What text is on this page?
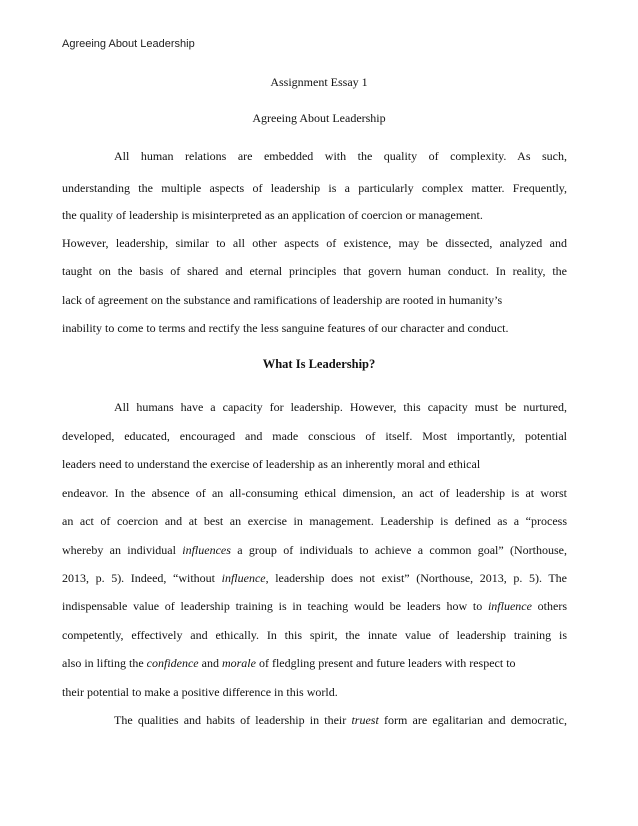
Agreeing About Leadership
Assignment Essay 1
Agreeing About Leadership
All human relations are embedded with the quality of complexity. As such,
understanding the multiple aspects of leadership is a particularly complex matter. Frequently,
the quality of leadership is misinterpreted as an application of coercion or management.
However, leadership, similar to all other aspects of existence, may be dissected, analyzed and
taught on the basis of shared and eternal principles that govern human conduct. In reality, the
lack of agreement on the substance and ramifications of leadership are rooted in humanity’s
inability to come to terms and rectify the less sanguine features of our character and conduct.
What Is Leadership?
All humans have a capacity for leadership. However, this capacity must be nurtured,
developed, educated, encouraged and made conscious of itself. Most importantly, potential
leaders need to understand the exercise of leadership as an inherently moral and ethical
endeavor. In the absence of an all-consuming ethical dimension, an act of leadership is at worst
an act of coercion and at best an exercise in management. Leadership is defined as a “process
whereby an individual influences a group of individuals to achieve a common goal” (Northouse,
2013, p. 5). Indeed, “without influence, leadership does not exist” (Northouse, 2013, p. 5). The
indispensable value of leadership training is in teaching would be leaders how to influence others
competently, effectively and ethically. In this spirit, the innate value of leadership training is
also in lifting the confidence and morale of fledgling present and future leaders with respect to
their potential to make a positive difference in this world.
The qualities and habits of leadership in their truest form are egalitarian and democratic,
